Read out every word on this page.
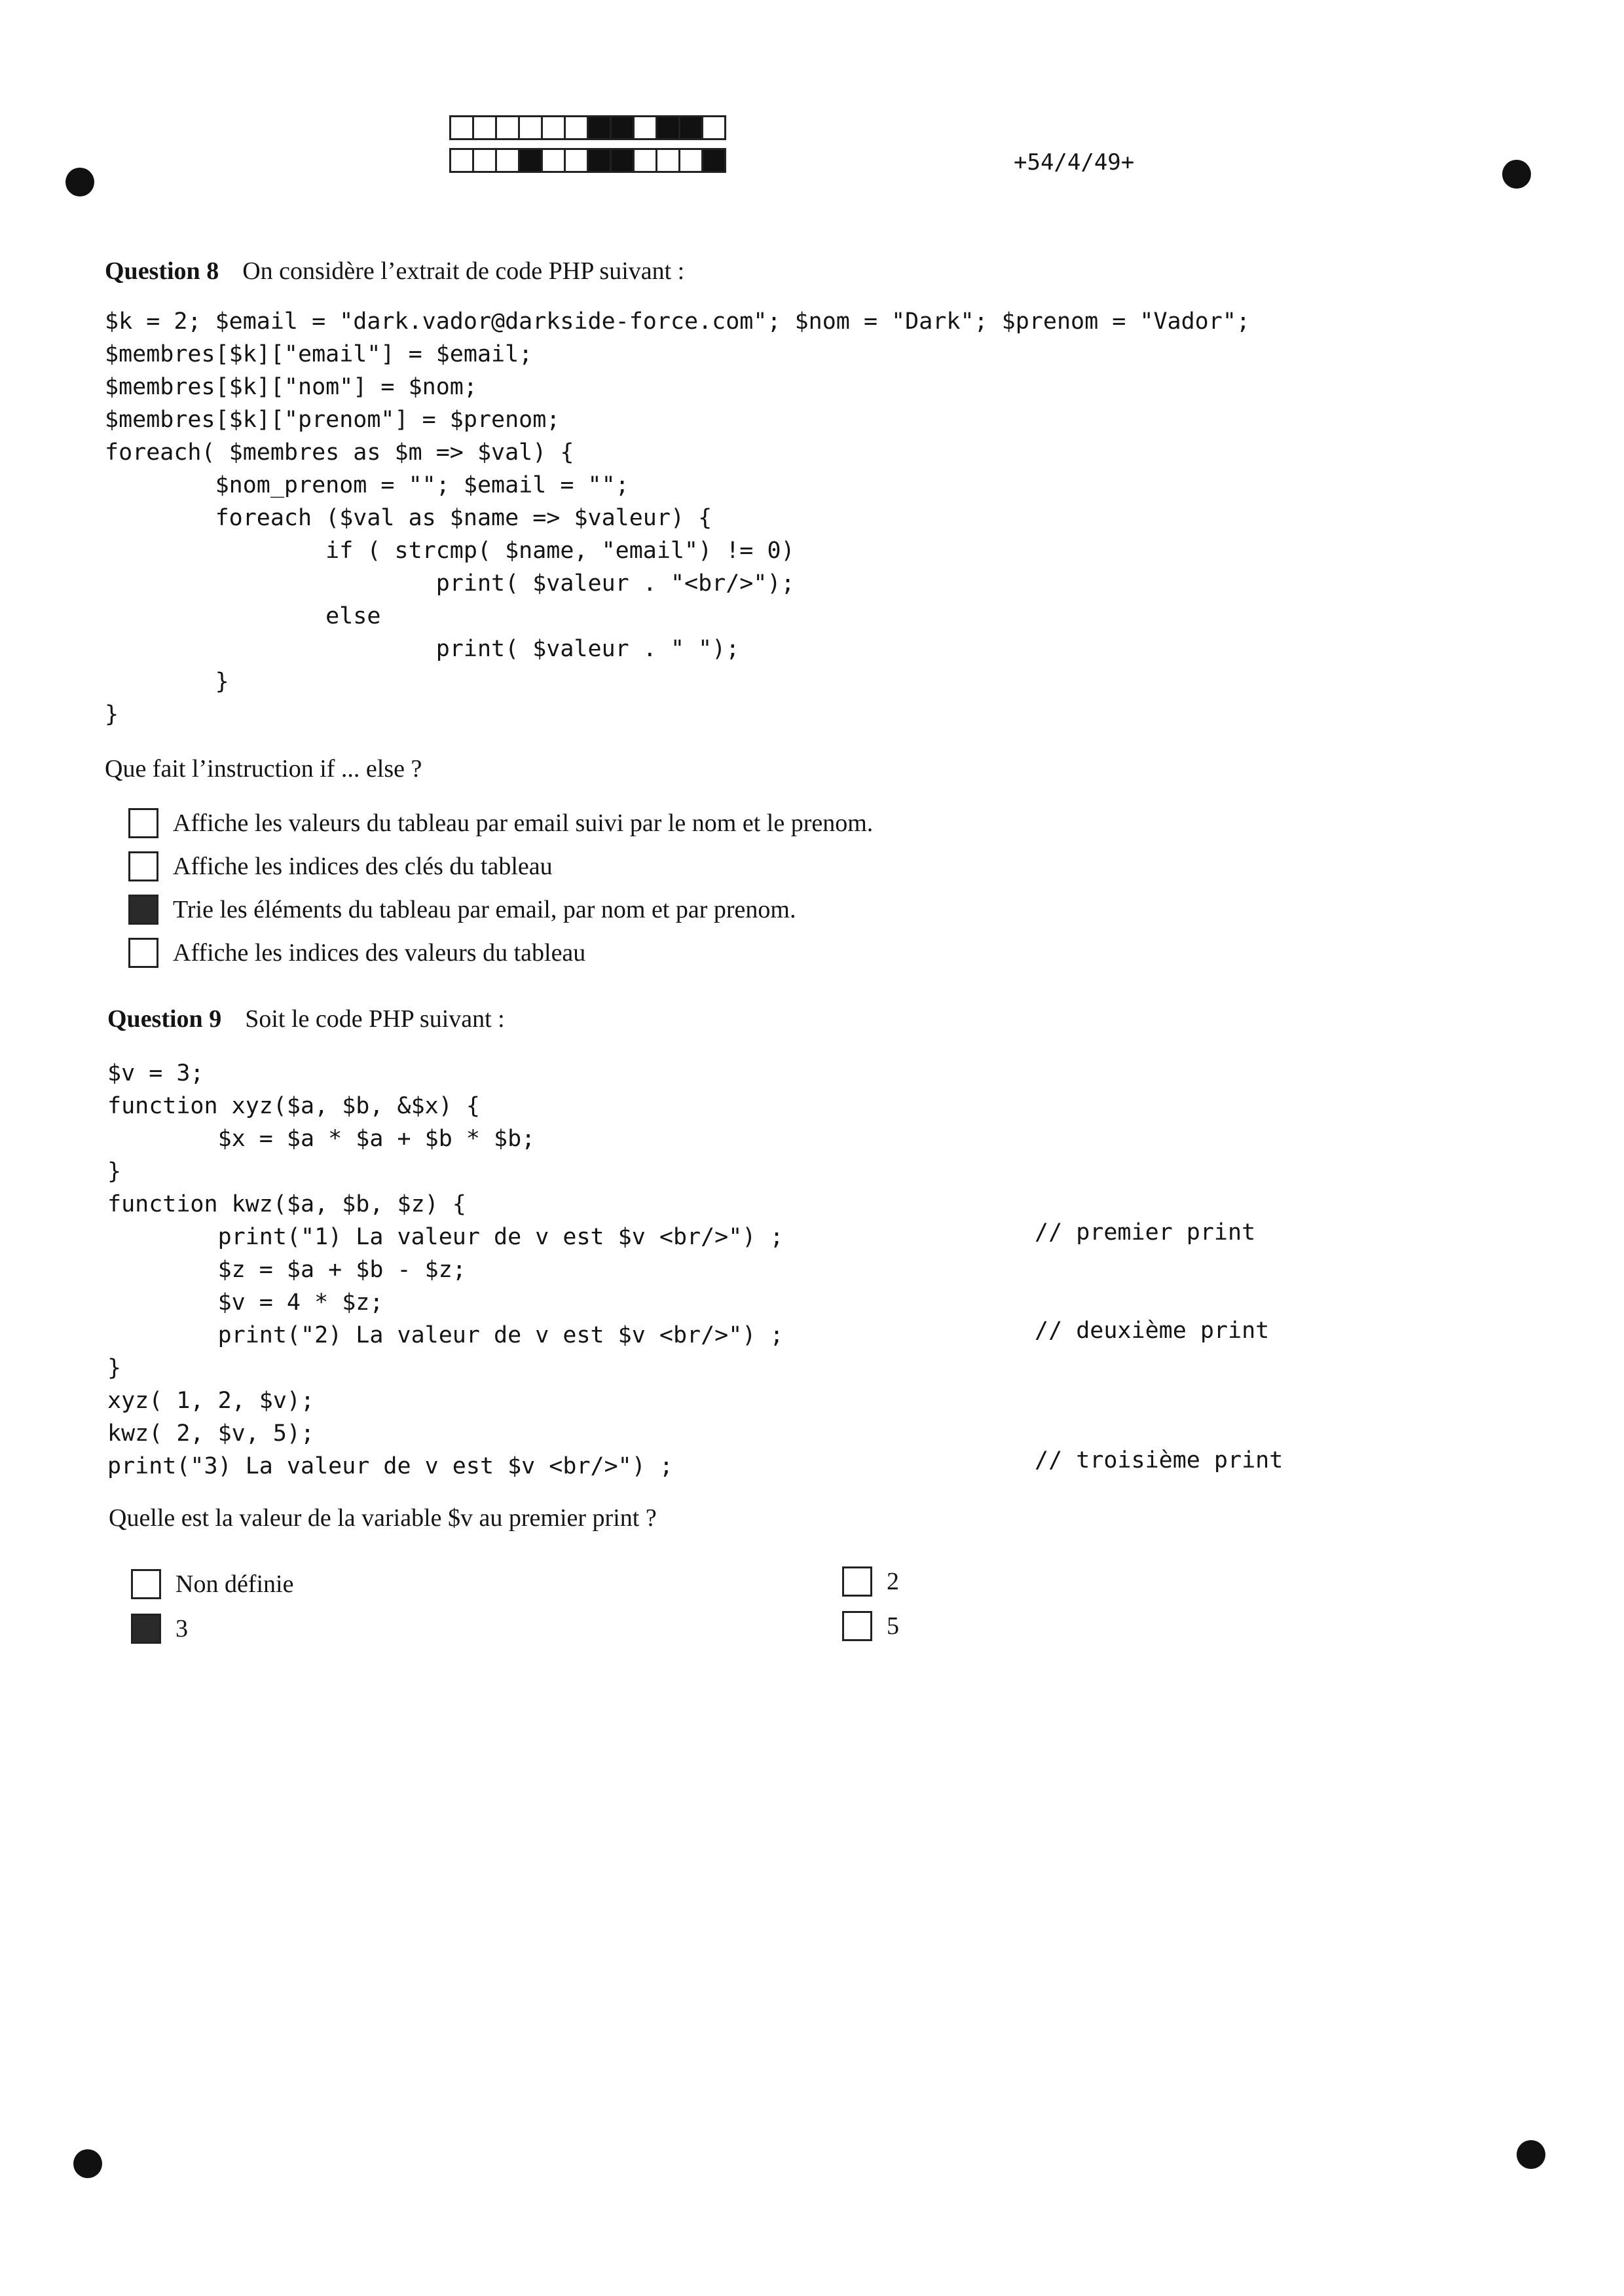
+54/4/49+
Question 8 On considère l’extrait de code PHP suivant :
$k = 2; $email = "dark.vador@darkside-force.com"; $nom = "Dark"; $prenom = "Vador";
$membres[$k]["email"] = $email;
$membres[$k]["nom"] = $nom;
$membres[$k]["prenom"] = $prenom;
foreach( $membres as $m => $val) {
$nom_prenom = ""; $email = "";
foreach ($val as $name => $valeur) {
if ( strcmp( $name, "email") != 0)
print( $valeur . "<br/>");
else
print( $valeur . " ");
}
}
Que fait l’instruction if ... else ?
Affiche les valeurs du tableau par email suivi par le nom et le prenom.
Affiche les indices des clés du tableau
Trie les éléments du tableau par email, par nom et par prenom.
Affiche les indices des valeurs du tableau
Question 9 Soit le code PHP suivant :
$v = 3;
function xyz($a, $b, &$x) {
$x = $a * $a + $b * $b;
}
function kwz($a, $b, $z) {
print("1) La valeur de v est $v <br/>") ;
$z = $a + $b - $z;
$v = 4 * $z;
print("2) La valeur de v est $v <br/>") ;
}
xyz( 1, 2, $v);
kwz( 2, $v, 5);
print("3) La valeur de v est $v <br/>") ;
// premier print
// deuxième print
// troisième print
Quelle est la valeur de la variable $v au premier print ?
Non définie
3
2
5
